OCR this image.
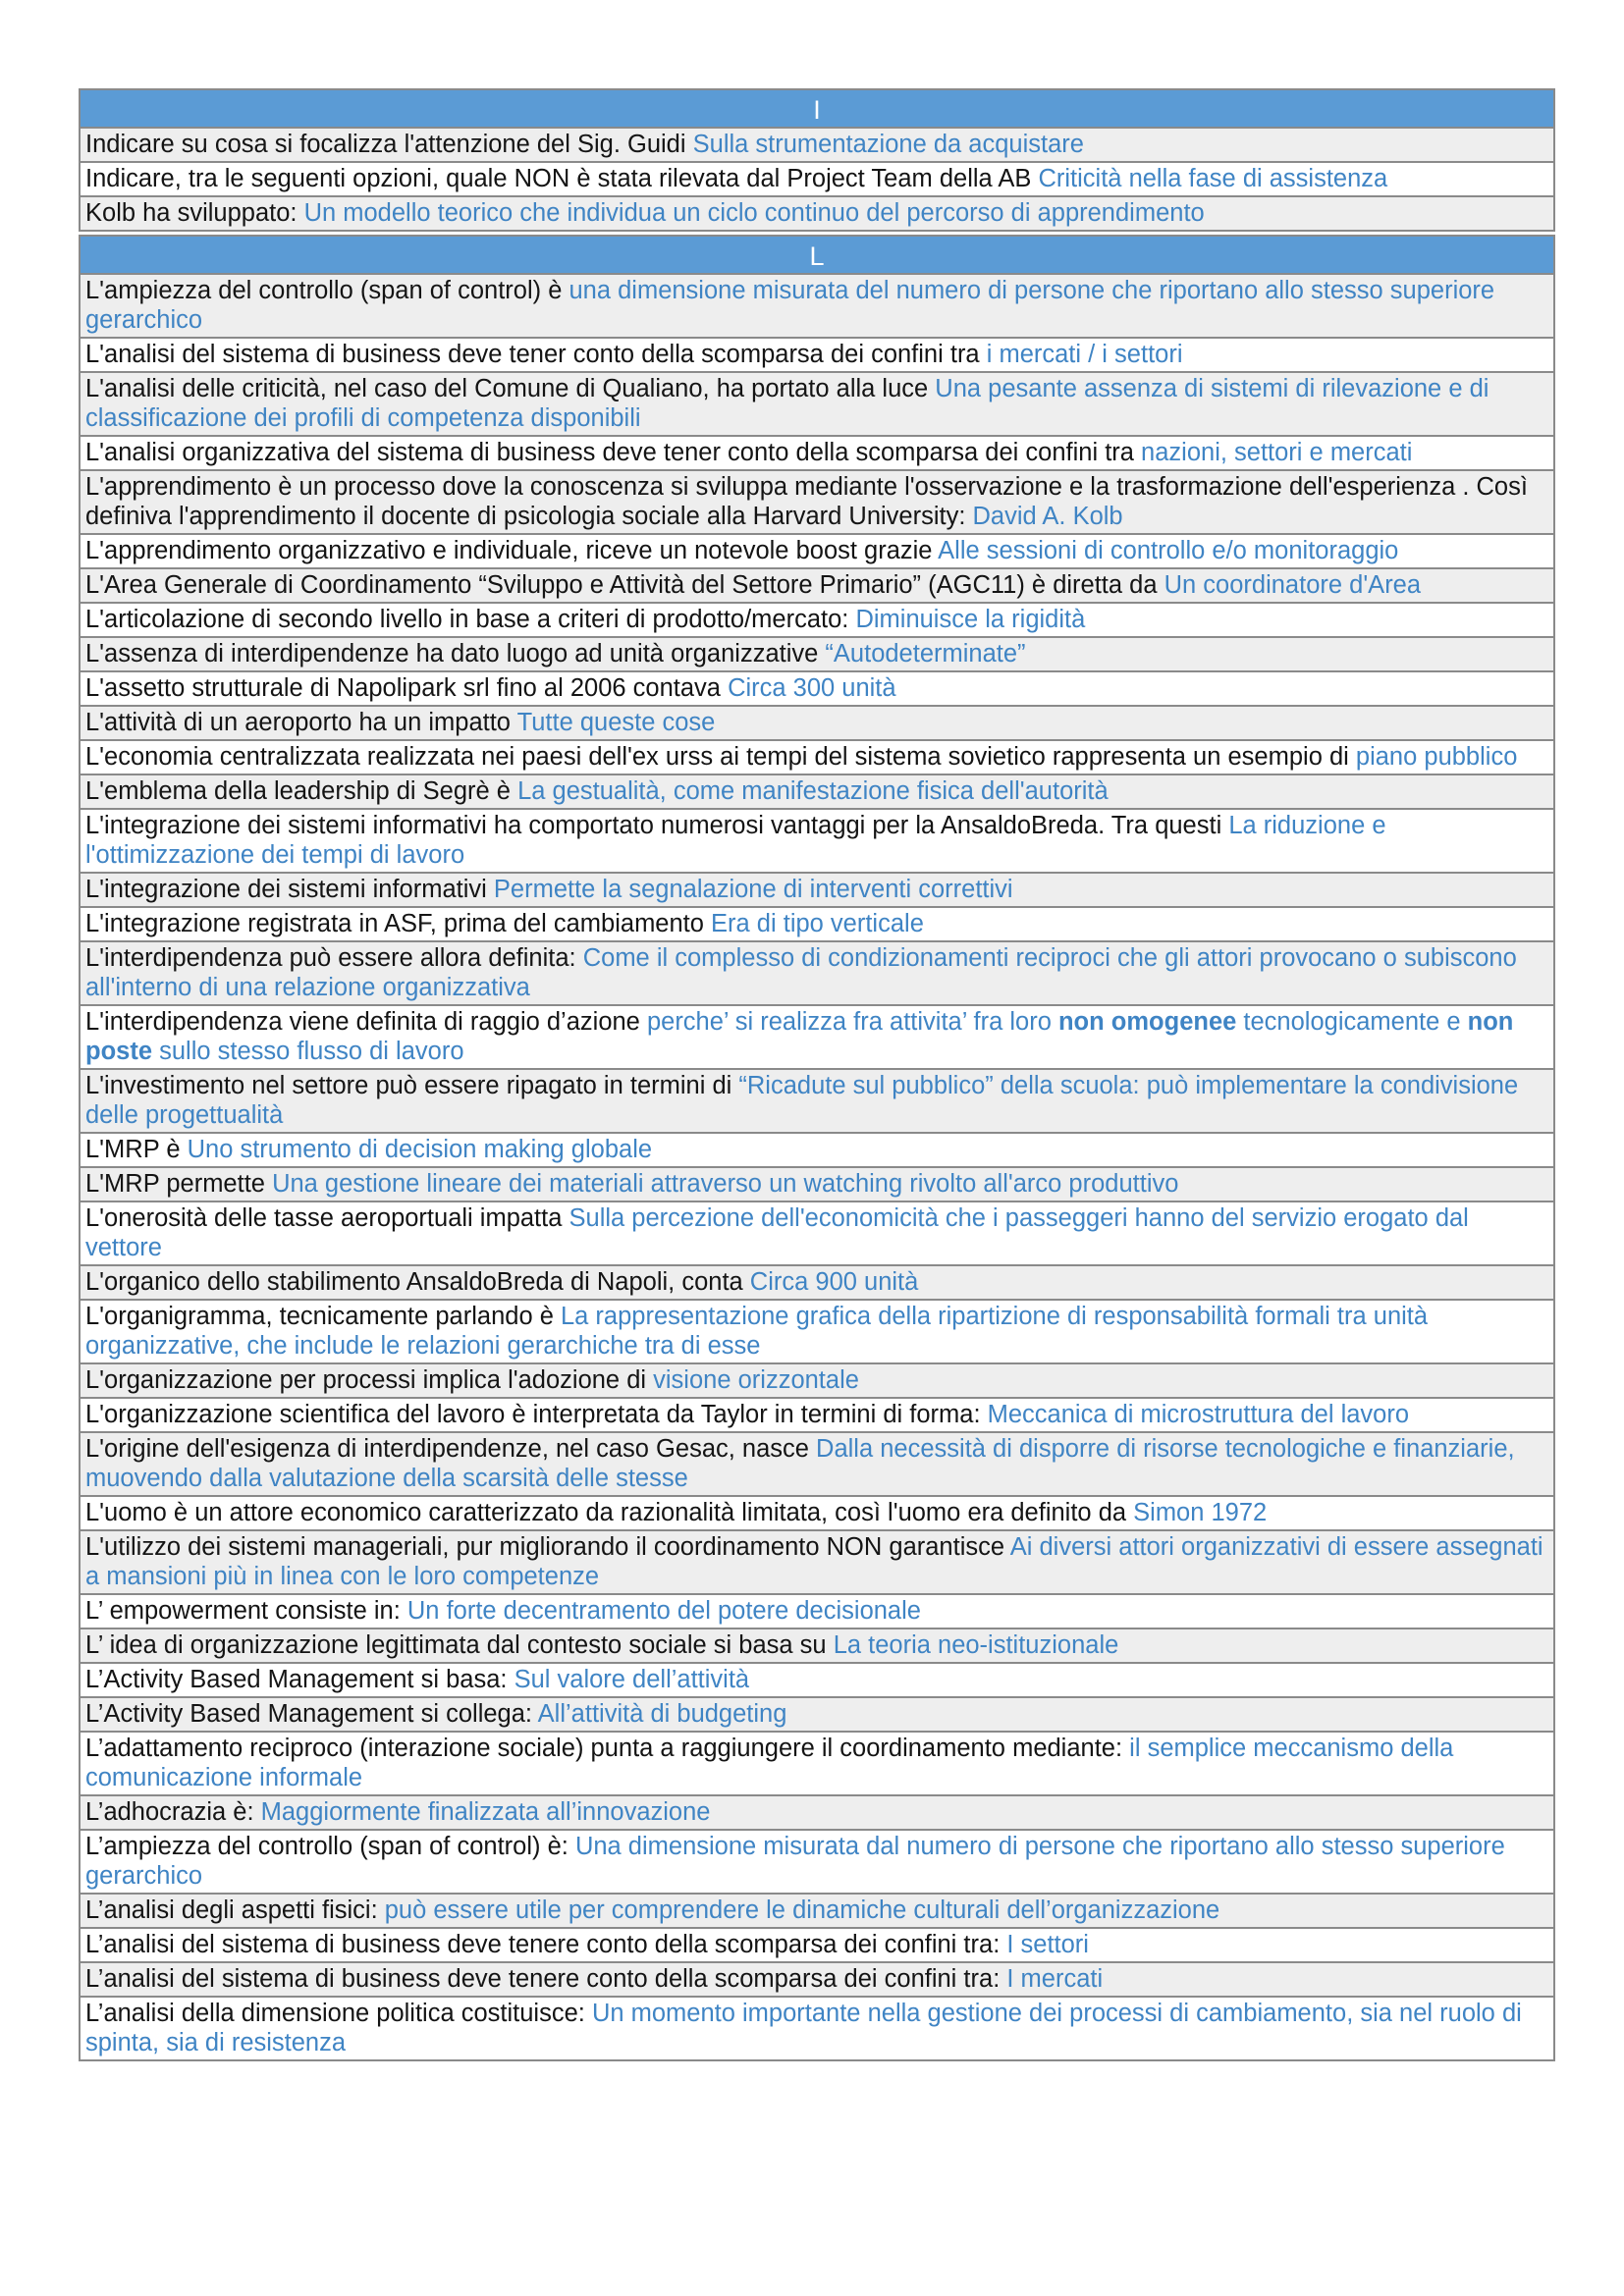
I
Indicare su cosa si focalizza l'attenzione del Sig. Guidi Sulla strumentazione da acquistare
Indicare, tra le seguenti opzioni, quale NON è stata rilevata dal Project Team della AB Criticità nella fase di assistenza
Kolb ha sviluppato: Un modello teorico che individua un ciclo continuo del percorso di apprendimento

L
L'ampiezza del controllo (span of control) è una dimensione misurata del numero di persone che riportano allo stesso superiore gerarchico
L'analisi del sistema di business deve tener conto della scomparsa dei confini tra i mercati / i settori
L'analisi delle criticità, nel caso del Comune di Qualiano, ha portato alla luce Una pesante assenza di sistemi di rilevazione e di classificazione dei profili di competenza disponibili
L'analisi organizzativa del sistema di business deve tener conto della scomparsa dei confini tra nazioni, settori e mercati
L'apprendimento è un processo dove la conoscenza si sviluppa mediante l'osservazione e la trasformazione dell'esperienza . Così definiva l'apprendimento il docente di psicologia sociale alla Harvard University: David A. Kolb
L'apprendimento organizzativo e individuale, riceve un notevole boost grazie Alle sessioni di controllo e/o monitoraggio
L'Area Generale di Coordinamento “Sviluppo e Attività del Settore Primario” (AGC11) è diretta da Un coordinatore d'Area
L'articolazione di secondo livello in base a criteri di prodotto/mercato: Diminuisce la rigidità
L'assenza di interdipendenze ha dato luogo ad unità organizzative “Autodeterminate”
L'assetto strutturale di Napolipark srl fino al 2006 contava Circa 300 unità
L'attività di un aeroporto ha un impatto Tutte queste cose
L'economia centralizzata realizzata nei paesi dell'ex urss ai tempi del sistema sovietico rappresenta un esempio di piano pubblico
L'emblema della leadership di Segrè è La gestualità, come manifestazione fisica dell'autorità
L'integrazione dei sistemi informativi ha comportato numerosi vantaggi per la AnsaldoBreda. Tra questi La riduzione e l'ottimizzazione dei tempi di lavoro
L'integrazione dei sistemi informativi Permette la segnalazione di interventi correttivi
L'integrazione registrata in ASF, prima del cambiamento Era di tipo verticale
L'interdipendenza può essere allora definita: Come il complesso di condizionamenti reciproci che gli attori provocano o subiscono all'interno di una relazione organizzativa
L'interdipendenza viene definita di raggio d’azione perche’ si realizza fra attivita’ fra loro non omogenee tecnologicamente e non poste sullo stesso flusso di lavoro
L'investimento nel settore può essere ripagato in termini di “Ricadute sul pubblico” della scuola: può implementare la condivisione delle progettualità
L'MRP è Uno strumento di decision making globale
L'MRP permette Una gestione lineare dei materiali attraverso un watching rivolto all'arco produttivo
L'onerosità delle tasse aeroportuali impatta Sulla percezione dell'economicità che i passeggeri hanno del servizio erogato dal vettore
L'organico dello stabilimento AnsaldoBreda di Napoli, conta Circa 900 unità
L'organigramma, tecnicamente parlando è La rappresentazione grafica della ripartizione di responsabilità formali tra unità organizzative, che include le relazioni gerarchiche tra di esse
L'organizzazione per processi implica l'adozione di visione orizzontale
L'organizzazione scientifica del lavoro è interpretata da Taylor in termini di forma: Meccanica di microstruttura del lavoro
L'origine dell'esigenza di interdipendenze, nel caso Gesac, nasce Dalla necessità di disporre di risorse tecnologiche e finanziarie, muovendo dalla valutazione della scarsità delle stesse
L'uomo è un attore economico caratterizzato da razionalità limitata, così l'uomo era definito da Simon 1972
L'utilizzo dei sistemi manageriali, pur migliorando il coordinamento NON garantisce Ai diversi attori organizzativi di essere assegnati a mansioni più in linea con le loro competenze
L’ empowerment consiste in: Un forte decentramento del potere decisionale
L’ idea di organizzazione legittimata dal contesto sociale si basa su La teoria neo-istituzionale
L’Activity Based Management si basa: Sul valore dell’attività
L’Activity Based Management si collega: All’attività di budgeting
L’adattamento reciproco (interazione sociale) punta a raggiungere il coordinamento mediante: il semplice meccanismo della comunicazione informale
L’adhocrazia è: Maggiormente finalizzata all’innovazione
L’ampiezza del controllo (span of control) è: Una dimensione misurata dal numero di persone che riportano allo stesso superiore gerarchico
L’analisi degli aspetti fisici: può essere utile per comprendere le dinamiche culturali dell’organizzazione
L’analisi del sistema di business deve tenere conto della scomparsa dei confini tra: I settori
L’analisi del sistema di business deve tenere conto della scomparsa dei confini tra: I mercati
L’analisi della dimensione politica costituisce: Un momento importante nella gestione dei processi di cambiamento, sia nel ruolo di spinta, sia di resistenza
